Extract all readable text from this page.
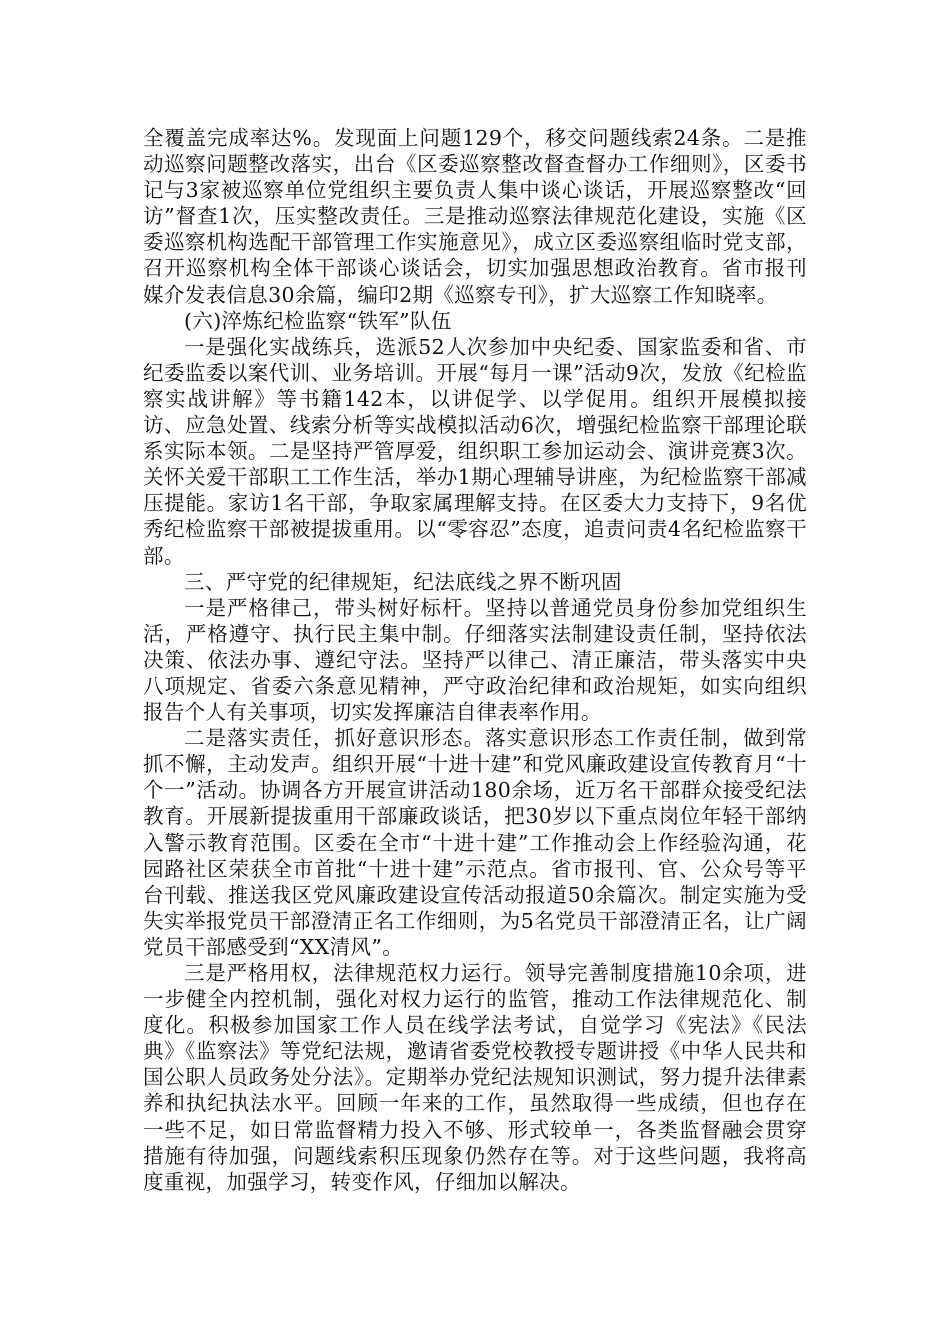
全覆盖完成率达%。发现面上问题129个，移交问题线索24条。二是推动巡察问题整改落实，出台《区委巡察整改督查督办工作细则》，区委书记与3家被巡察单位党组织主要负责人集中谈心谈话，开展巡察整改“回访”督查1次，压实整改责任。三是推动巡察法律规范化建设，实施《区委巡察机构选配干部管理工作实施意见》，成立区委巡察组临时党支部，召开巡察机构全体干部谈心谈话会，切实加强思想政治教育。省市报刊媒介发表信息30余篇，编印2期《巡察专刊》，扩大巡察工作知晓率。

(六)淬炼纪检监察“铁军”队伍

一是强化实战练兵，选派52人次参加中央纪委、国家监委和省、市纪委监委以案代训、业务培训。开展“每月一课”活动9次，发放《纪检监察实战讲解》等书籍142本，以讲促学、以学促用。组织开展模拟接访、应急处置、线索分析等实战模拟活动6次，增强纪检监察干部理论联系实际本领。二是坚持严管厚爱，组织职工参加运动会、演讲竞赛3次。关怀关爱干部职工工作生活，举办1期心理辅导讲座，为纪检监察干部减压提能。家访1名干部，争取家属理解支持。在区委大力支持下，9名优秀纪检监察干部被提拔重用。以“零容忍”态度，追责问责4名纪检监察干部。

三、严守党的纪律规矩，纪法底线之界不断巩固

一是严格律己，带头树好标杆。坚持以普通党员身份参加党组织生活，严格遵守、执行民主集中制。仔细落实法制建设责任制，坚持依法决策、依法办事、遵纪守法。坚持严以律己、清正廉洁，带头落实中央八项规定、省委六条意见精神，严守政治纪律和政治规矩，如实向组织报告个人有关事项，切实发挥廉洁自律表率作用。

二是落实责任，抓好意识形态。落实意识形态工作责任制，做到常抓不懈，主动发声。组织开展“十进十建”和党风廉政建设宣传教育月“十个一”活动。协调各方开展宣讲活动180余场，近万名干部群众接受纪法教育。开展新提拔重用干部廉政谈话，把30岁以下重点岗位年轻干部纳入警示教育范围。区委在全市“十进十建”工作推动会上作经验沟通，花园路社区荣获全市首批“十进十建”示范点。省市报刊、官、公众号等平台刊载、推送我区党风廉政建设宣传活动报道50余篇次。制定实施为受失实举报党员干部澄清正名工作细则，为5名党员干部澄清正名，让广阔党员干部感受到“XX清风”。

三是严格用权，法律规范权力运行。领导完善制度措施10余项，进一步健全内控机制，强化对权力运行的监管，推动工作法律规范化、制度化。积极参加国家工作人员在线学法考试，自觉学习《宪法》《民法典》《监察法》等党纪法规，邀请省委党校教授专题讲授《中华人民共和国公职人员政务处分法》。定期举办党纪法规知识测试，努力提升法律素养和执纪执法水平。回顾一年来的工作，虽然取得一些成绩，但也存在一些不足，如日常监督精力投入不够、形式较单一，各类监督融会贯穿措施有待加强，问题线索积压现象仍然存在等。对于这些问题，我将高度重视，加强学习，转变作风，仔细加以解决。
